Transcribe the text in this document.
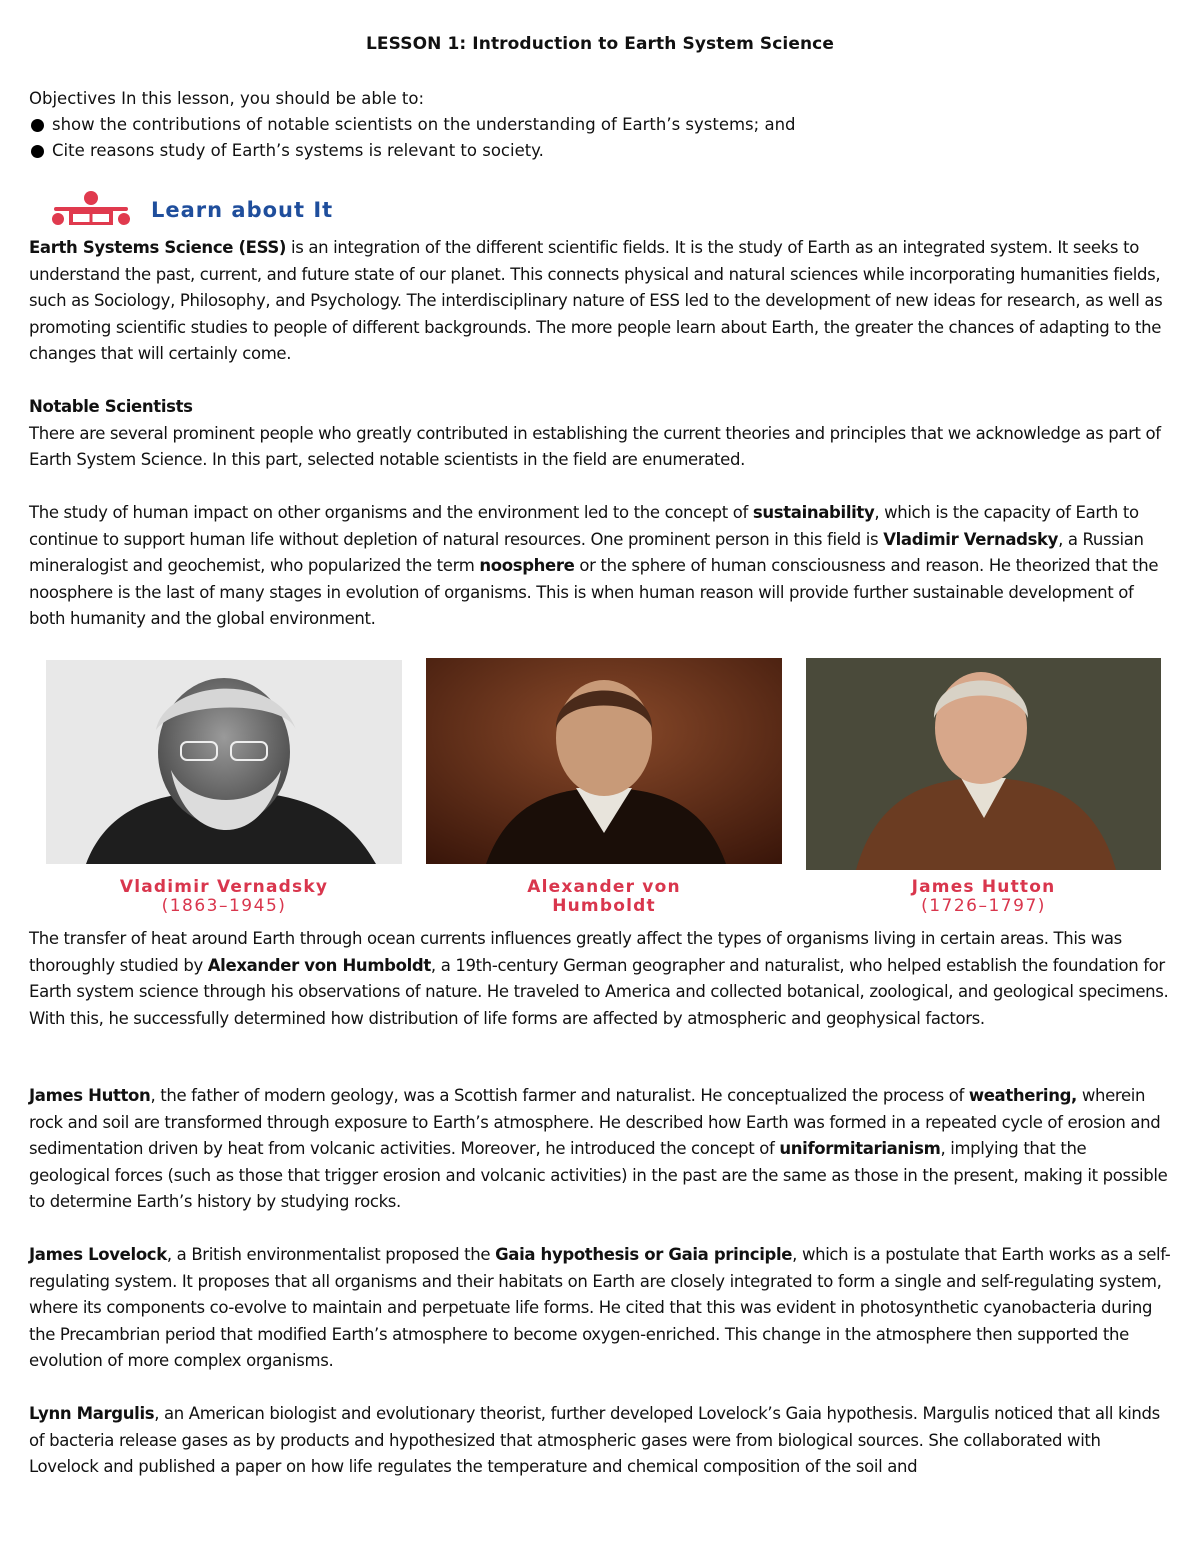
LESSON 1: Introduction to Earth System Science
Objectives In this lesson, you should be able to:
show the contributions of notable scientists on the understanding of Earth’s systems; and
Cite reasons study of Earth’s systems is relevant to society.
Learn about It

Earth Systems Science (ESS) is an integration of the different scientific fields. It is the study of Earth as an integrated system. It seeks to understand the past, current, and future state of our planet. This connects physical and natural sciences while incorporating humanities fields, such as Sociology, Philosophy, and Psychology. The interdisciplinary nature of ESS led to the development of new ideas for research, as well as promoting scientific studies to people of different backgrounds. The more people learn about Earth, the greater the chances of adapting to the changes that will certainly come.

Notable Scientists

There are several prominent people who greatly contributed in establishing the current theories and principles that we acknowledge as part of Earth System Science. In this part, selected notable scientists in the field are enumerated.

The study of human impact on other organisms and the environment led to the concept of sustainability, which is the capacity of Earth to continue to support human life without depletion of natural resources. One prominent person in this field is Vladimir Vernadsky, a Russian mineralogist and geochemist, who popularized the term noosphere or the sphere of human consciousness and reason. He theorized that the noosphere is the last of many stages in evolution of organisms. This is when human reason will provide further sustainable development of both humanity and the global environment.

Vladimir Vernadsky
(1863–1945)
Alexander von
Humboldt
James Hutton
(1726–1797)

The transfer of heat around Earth through ocean currents influences greatly affect the types of organisms living in certain areas. This was thoroughly studied by Alexander von Humboldt, a 19th-century German geographer and naturalist, who helped establish the foundation for Earth system science through his observations of nature. He traveled to America and collected botanical, zoological, and geological specimens. With this, he successfully determined how distribution of life forms are affected by atmospheric and geophysical factors.

James Hutton, the father of modern geology, was a Scottish farmer and naturalist. He conceptualized the process of weathering, wherein rock and soil are transformed through exposure to Earth’s atmosphere. He described how Earth was formed in a repeated cycle of erosion and sedimentation driven by heat from volcanic activities. Moreover, he introduced the concept of uniformitarianism, implying that the geological forces (such as those that trigger erosion and volcanic activities) in the past are the same as those in the present, making it possible to determine Earth’s history by studying rocks.

James Lovelock, a British environmentalist proposed the Gaia hypothesis or Gaia principle, which is a postulate that Earth works as a self-regulating system. It proposes that all organisms and their habitats on Earth are closely integrated to form a single and self-regulating system, where its components co-evolve to maintain and perpetuate life forms. He cited that this was evident in photosynthetic cyanobacteria during the Precambrian period that modified Earth’s atmosphere to become oxygen-enriched. This change in the atmosphere then supported the evolution of more complex organisms.

Lynn Margulis, an American biologist and evolutionary theorist, further developed Lovelock’s Gaia hypothesis. Margulis noticed that all kinds of bacteria release gases as by products and hypothesized that atmospheric gases were from biological sources. She collaborated with Lovelock and published a paper on how life regulates the temperature and chemical composition of the soil and
